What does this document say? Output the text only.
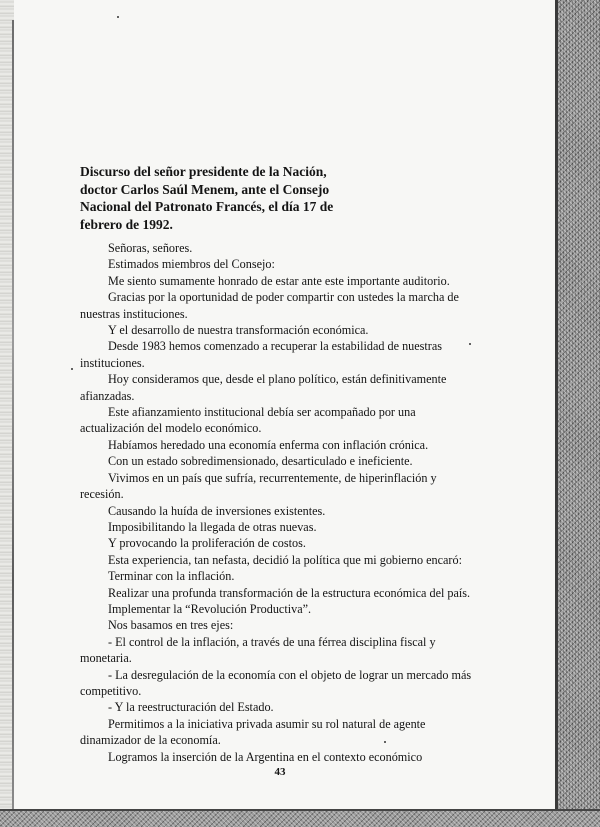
Discurso del señor presidente de la Nación,
doctor Carlos Saúl Menem, ante el Consejo
Nacional del Patronato Francés, el día 17 de
febrero de 1992.

Señoras, señores.

Estimados miembros del Consejo:

Me siento sumamente honrado de estar ante este importante auditorio.

Gracias por la oportunidad de poder compartir con ustedes la marcha de
nuestras instituciones.

Y el desarrollo de nuestra transformación económica.

Desde 1983 hemos comenzado a recuperar la estabilidad de nuestras
instituciones.

Hoy consideramos que, desde el plano político, están definitivamente
afianzadas.

Este afianzamiento institucional debía ser acompañado por una
actualización del modelo económico.

Habíamos heredado una economía enferma con inflación crónica.

Con un estado sobredimensionado, desarticulado e ineficiente.

Vivimos en un país que sufría, recurrentemente, de hiperinflación y
recesión.

Causando la huída de inversiones existentes.

Imposibilitando la llegada de otras nuevas.

Y provocando la proliferación de costos.

Esta experiencia, tan nefasta, decidió la política que mi gobierno encaró:

Terminar con la inflación.

Realizar una profunda transformación de la estructura económica del país.

Implementar la “Revolución Productiva”.

Nos basamos en tres ejes:

- El control de la inflación, a través de una férrea disciplina fiscal y
monetaria.

- La desregulación de la economía con el objeto de lograr un mercado más
competitivo.

- Y la reestructuración del Estado.

Permitimos a la iniciativa privada asumir su rol natural de agente
dinamizador de la economía.

Logramos la inserción de la Argentina en el contexto económico

43
